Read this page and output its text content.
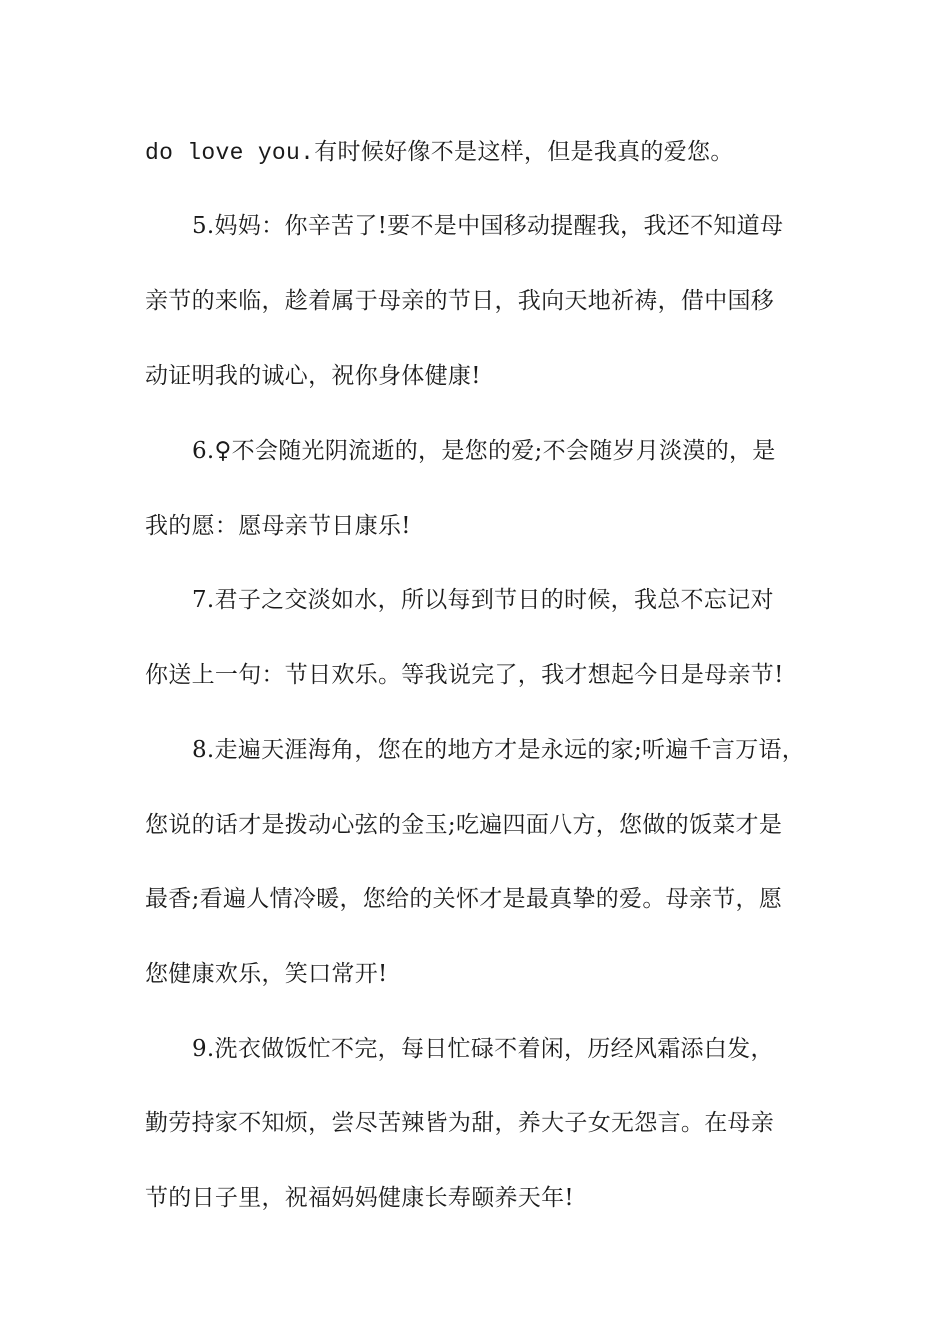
do love you.有时候好像不是这样，但是我真的爱您。
5.妈妈：你辛苦了!要不是中国移动提醒我，我还不知道母
亲节的来临，趁着属于母亲的节日，我向天地祈祷，借中国移
动证明我的诚心，祝你身体健康!
6.♀不会随光阴流逝的，是您的爱;不会随岁月淡漠的，是
我的愿：愿母亲节日康乐!
7.君子之交淡如水，所以每到节日的时候，我总不忘记对
你送上一句：节日欢乐。等我说完了，我才想起今日是母亲节!
8.走遍天涯海角，您在的地方才是永远的家;听遍千言万语，
您说的话才是拨动心弦的金玉;吃遍四面八方，您做的饭菜才是
最香;看遍人情冷暖，您给的关怀才是最真挚的爱。母亲节，愿
您健康欢乐，笑口常开!
9.洗衣做饭忙不完，每日忙碌不着闲，历经风霜添白发，
勤劳持家不知烦，尝尽苦辣皆为甜，养大子女无怨言。在母亲
节的日子里，祝福妈妈健康长寿颐养天年!
